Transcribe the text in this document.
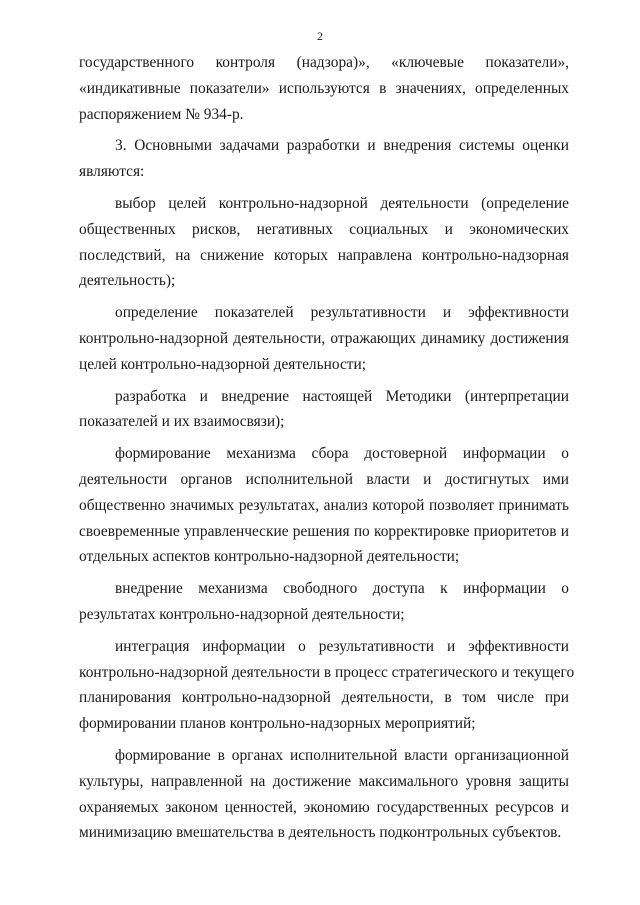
2
государственного контроля (надзора)», «ключевые показатели»,
«индикативные показатели» используются в значениях, определенных
распоряжением № 934-р.
3. Основными задачами разработки и внедрения системы оценки
являются:
выбор целей контрольно-надзорной деятельности (определение
общественных рисков, негативных социальных и экономических
последствий, на снижение которых направлена контрольно-надзорная
деятельность);
определение показателей результативности и эффективности
контрольно-надзорной деятельности, отражающих динамику достижения
целей контрольно-надзорной деятельности;
разработка и внедрение настоящей Методики (интерпретации
показателей и их взаимосвязи);
формирование механизма сбора достоверной информации о
деятельности органов исполнительной власти и достигнутых ими
общественно значимых результатах, анализ которой позволяет принимать
своевременные управленческие решения по корректировке приоритетов и
отдельных аспектов контрольно-надзорной деятельности;
внедрение механизма свободного доступа к информации о
результатах контрольно-надзорной деятельности;
интеграция информации о результативности и эффективности
контрольно-надзорной деятельности в процесс стратегического и текущего
планирования контрольно-надзорной деятельности, в том числе при
формировании планов контрольно-надзорных мероприятий;
формирование в органах исполнительной власти организационной
культуры, направленной на достижение максимального уровня защиты
охраняемых законом ценностей, экономию государственных ресурсов и
минимизацию вмешательства в деятельность подконтрольных субъектов.
